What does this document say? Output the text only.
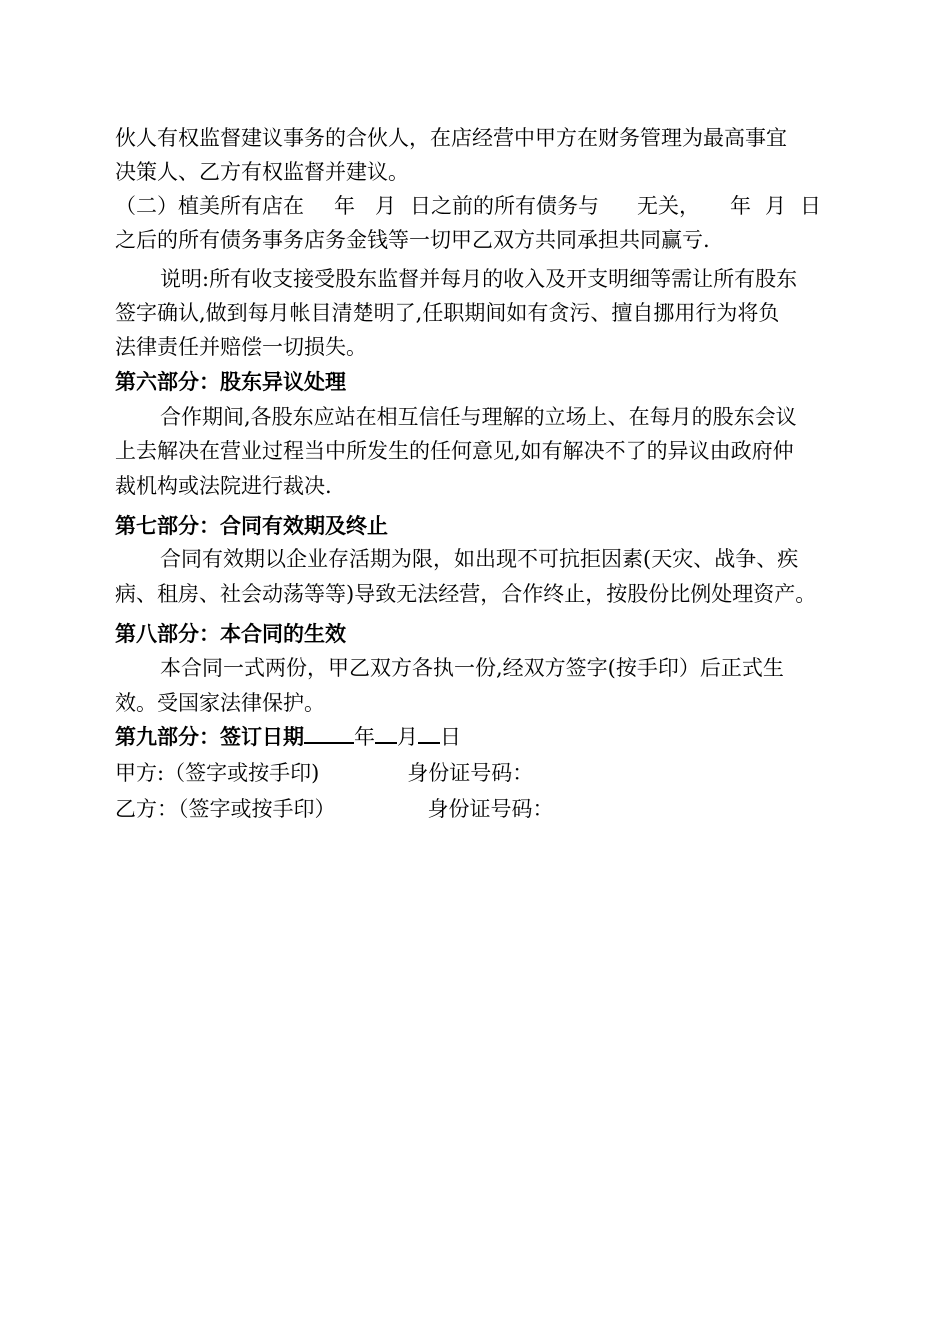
伙人有权监督建议事务的合伙人，在店经营中甲方在财务管理为最高事宜
决策人、乙方有权监督并建议。
（二）植美所有店在 年 月 日之前的所有债务与 无关， 年 月 日
之后的所有债务事务店务金钱等一切甲乙双方共同承担共同赢亏.
说明:所有收支接受股东监督并每月的收入及开支明细等需让所有股东
签字确认,做到每月帐目清楚明了,任职期间如有贪污、擅自挪用行为将负
法律责任并赔偿一切损失。
第六部分：股东异议处理
合作期间,各股东应站在相互信任与理解的立场上、在每月的股东会议
上去解决在营业过程当中所发生的任何意见,如有解决不了的异议由政府仲
裁机构或法院进行裁决.
第七部分：合同有效期及终止
合同有效期以企业存活期为限，如出现不可抗拒因素(天灾、战争、疾
病、租房、社会动荡等等)导致无法经营，合作终止，按股份比例处理资产。
第八部分：本合同的生效
本合同一式两份，甲乙双方各执一份,经双方签字(按手印）后正式生
效。受国家法律保护。
第九部分：签订日期 年 月 日
甲方:（签字或按手印)	身份证号码：
乙方：（签字或按手印）	身份证号码：
